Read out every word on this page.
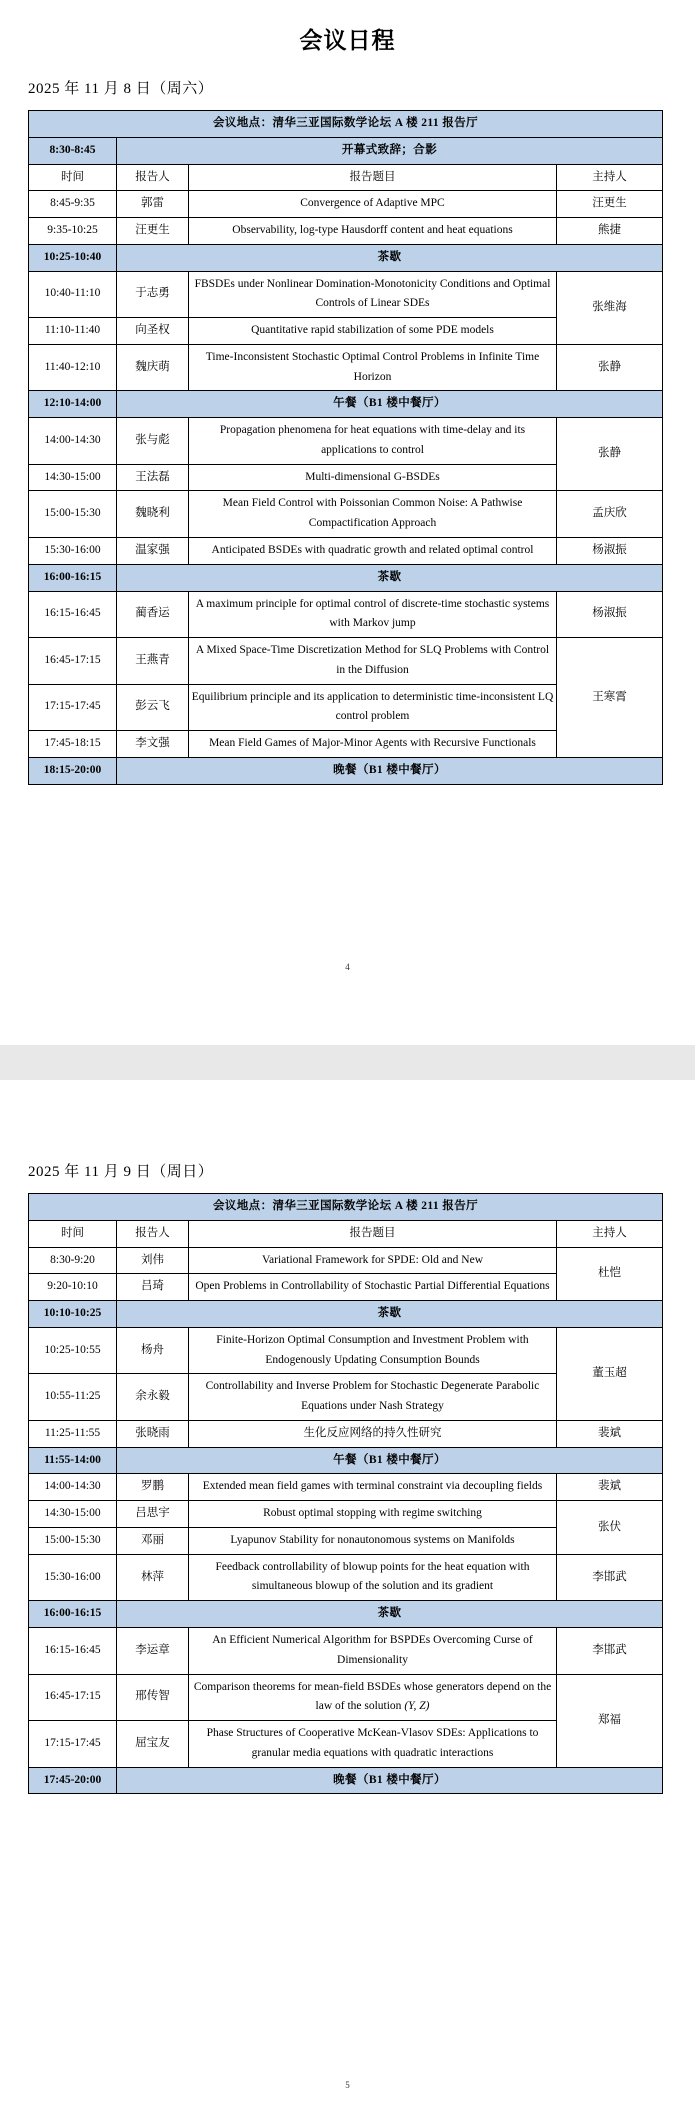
会议日程
2025 年 11 月 8 日（周六）
会议地点：清华三亚国际数学论坛 A 楼 211 报告厅			
8:30-8:45	开幕式致辞；合影		
时间	报告人	报告题目	主持人
8:45-9:35	郭雷	Convergence of Adaptive MPC	汪更生
9:35-10:25	汪更生	Observability, log-type Hausdorff content and heat equations	熊捷
10:25-10:40	茶歇		
10:40-11:10	于志勇	FBSDEs under Nonlinear Domination-Monotonicity Conditions and Optimal Controls of Linear SDEs	张维海
11:10-11:40	向圣权	Quantitative rapid stabilization of some PDE models	
11:40-12:10	魏庆萌	Time-Inconsistent Stochastic Optimal Control Problems in Infinite Time Horizon	张静
12:10-14:00	午餐（B1 楼中餐厅）		
14:00-14:30	张与彪	Propagation phenomena for heat equations with time-delay and its applications to control	张静
14:30-15:00	王法磊	Multi-dimensional G-BSDEs	
15:00-15:30	魏晓利	Mean Field Control with Poissonian Common Noise: A Pathwise Compactification Approach	孟庆欣
15:30-16:00	温家强	Anticipated BSDEs with quadratic growth and related optimal control	杨淑振
16:00-16:15	茶歇		
16:15-16:45	蔺香运	A maximum principle for optimal control of discrete-time stochastic systems with Markov jump	杨淑振
16:45-17:15	王燕青	A Mixed Space-Time Discretization Method for SLQ Problems with Control in the Diffusion	王寒霄
17:15-17:45	彭云飞	Equilibrium principle and its application to deterministic time-inconsistent LQ control problem	
17:45-18:15	李文强	Mean Field Games of Major-Minor Agents with Recursive Functionals	
18:15-20:00	晚餐（B1 楼中餐厅）		
4
2025 年 11 月 9 日（周日）
会议地点：清华三亚国际数学论坛 A 楼 211 报告厅			
时间	报告人	报告题目	主持人
8:30-9:20	刘伟	Variational Framework for SPDE: Old and New	杜恺
9:20-10:10	吕琦	Open Problems in Controllability of Stochastic Partial Differential Equations	
10:10-10:25	茶歇		
10:25-10:55	杨舟	Finite-Horizon Optimal Consumption and Investment Problem with Endogenously Updating Consumption Bounds	董玉超
10:55-11:25	余永毅	Controllability and Inverse Problem for Stochastic Degenerate Parabolic Equations under Nash Strategy	
11:25-11:55	张晓雨	生化反应网络的持久性研究	裴斌
11:55-14:00	午餐（B1 楼中餐厅）		
14:00-14:30	罗鹏	Extended mean field games with terminal constraint via decoupling fields	裴斌
14:30-15:00	吕思宇	Robust optimal stopping with regime switching	张伏
15:00-15:30	邓丽	Lyapunov Stability for nonautonomous systems on Manifolds	
15:30-16:00	林萍	Feedback controllability of blowup points for the heat equation with simultaneous blowup of the solution and its gradient	李邯武
16:00-16:15	茶歇		
16:15-16:45	李运章	An Efficient Numerical Algorithm for BSPDEs Overcoming Curse of Dimensionality	李邯武
16:45-17:15	邢传智	Comparison theorems for mean-field BSDEs whose generators depend on the law of the solution (Y, Z)	郑福
17:15-17:45	屈宝友	Phase Structures of Cooperative McKean-Vlasov SDEs: Applications to granular media equations with quadratic interactions	
17:45-20:00	晚餐（B1 楼中餐厅）		
5
